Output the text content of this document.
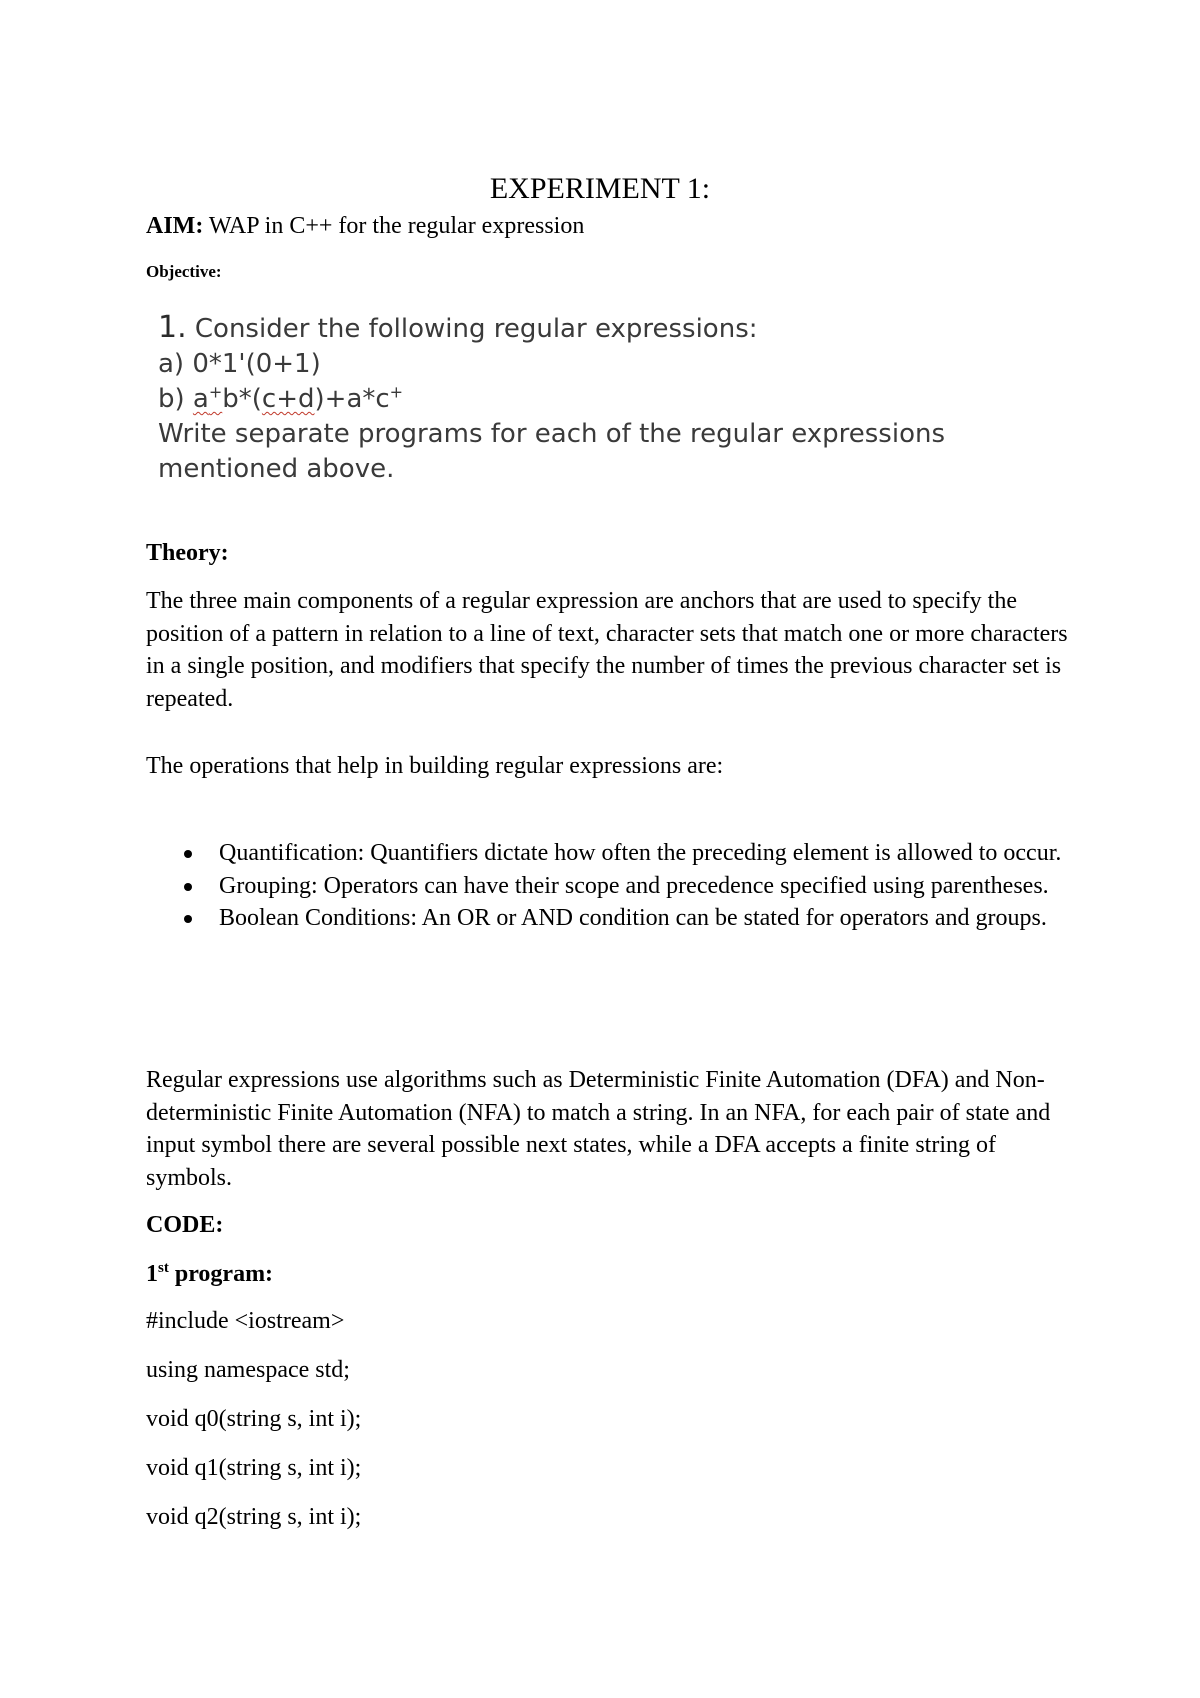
EXPERIMENT 1:
AIM: WAP in C++ for the regular expression
Objective:
1. Consider the following regular expressions:
a) 0*1'(0+1)
b) a+b*(c+d)+a*c+
Write separate programs for each of the regular expressions
mentioned above.
Theory:
The three main components of a regular expression are anchors that are used to specify the position of a pattern in relation to a line of text, character sets that match one or more characters in a single position, and modifiers that specify the number of times the previous character set is repeated.
The operations that help in building regular expressions are:
Quantification: Quantifiers dictate how often the preceding element is allowed to occur.
Grouping: Operators can have their scope and precedence specified using parentheses.
Boolean Conditions: An OR or AND condition can be stated for operators and groups.
Regular expressions use algorithms such as Deterministic Finite Automation (DFA) and Non-deterministic Finite Automation (NFA) to match a string. In an NFA, for each pair of state and input symbol there are several possible next states, while a DFA accepts a finite string of symbols.
CODE:
1st program:
#include <iostream>
using namespace std;
void q0(string s, int i);
void q1(string s, int i);
void q2(string s, int i);
